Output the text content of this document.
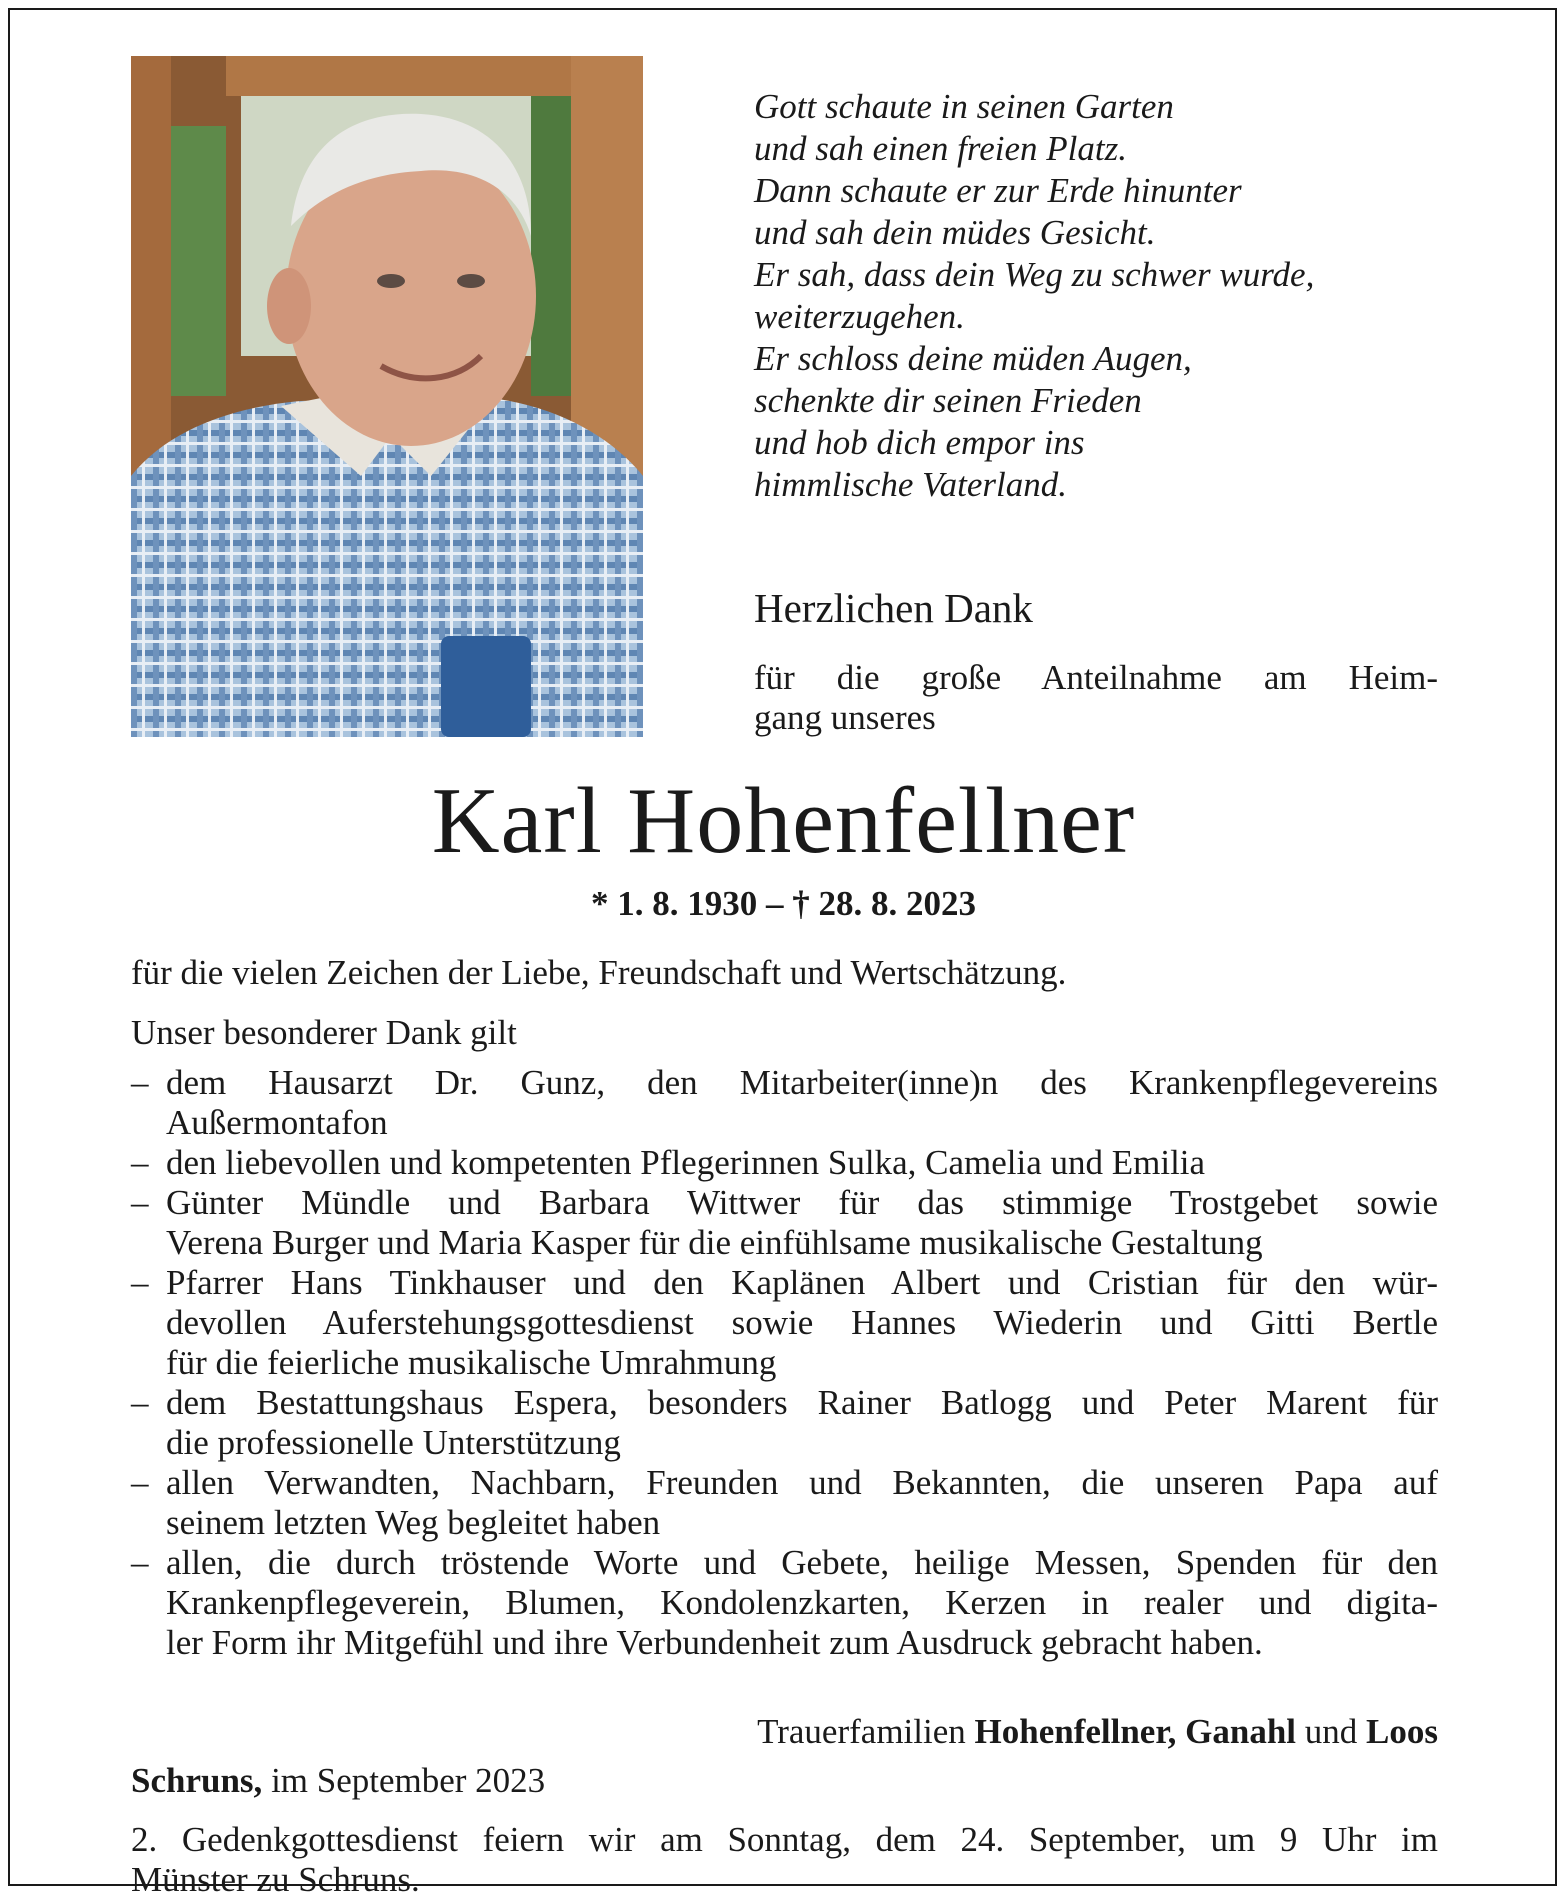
Gott schaute in seinen Garten
und sah einen freien Platz.
Dann schaute er zur Erde hinunter
und sah dein müdes Gesicht.
Er sah, dass dein Weg zu schwer wurde,
weiterzugehen.
Er schloss deine müden Augen,
schenkte dir seinen Frieden
und hob dich empor ins
himmlische Vaterland.
Herzlichen Dank
für die große Anteilnahme am Heim-
gang unseres
Karl Hohenfellner
* 1. 8. 1930 – † 28. 8. 2023
für die vielen Zeichen der Liebe, Freundschaft und Wertschätzung.
Unser besonderer Dank gilt
– dem Hausarzt Dr. Gunz, den Mitarbeiter(inne)n des Krankenpflegevereins
Außermontafon
– den liebevollen und kompetenten Pflegerinnen Sulka, Camelia und Emilia
– Günter Mündle und Barbara Wittwer für das stimmige Trostgebet sowie
Verena Burger und Maria Kasper für die einfühlsame musikalische Gestaltung
– Pfarrer Hans Tinkhauser und den Kaplänen Albert und Cristian für den wür-
devollen Auferstehungsgottesdienst sowie Hannes Wiederin und Gitti Bertle
für die feierliche musikalische Umrahmung
– dem Bestattungshaus Espera, besonders Rainer Batlogg und Peter Marent für
die professionelle Unterstützung
– allen Verwandten, Nachbarn, Freunden und Bekannten, die unseren Papa auf
seinem letzten Weg begleitet haben
– allen, die durch tröstende Worte und Gebete, heilige Messen, Spenden für den
Krankenpflegeverein, Blumen, Kondolenzkarten, Kerzen in realer und digita-
ler Form ihr Mitgefühl und ihre Verbundenheit zum Ausdruck gebracht haben.
Trauerfamilien Hohenfellner, Ganahl und Loos
Schruns, im September 2023
2. Gedenkgottesdienst feiern wir am Sonntag, dem 24. September, um 9 Uhr im
Münster zu Schruns.
